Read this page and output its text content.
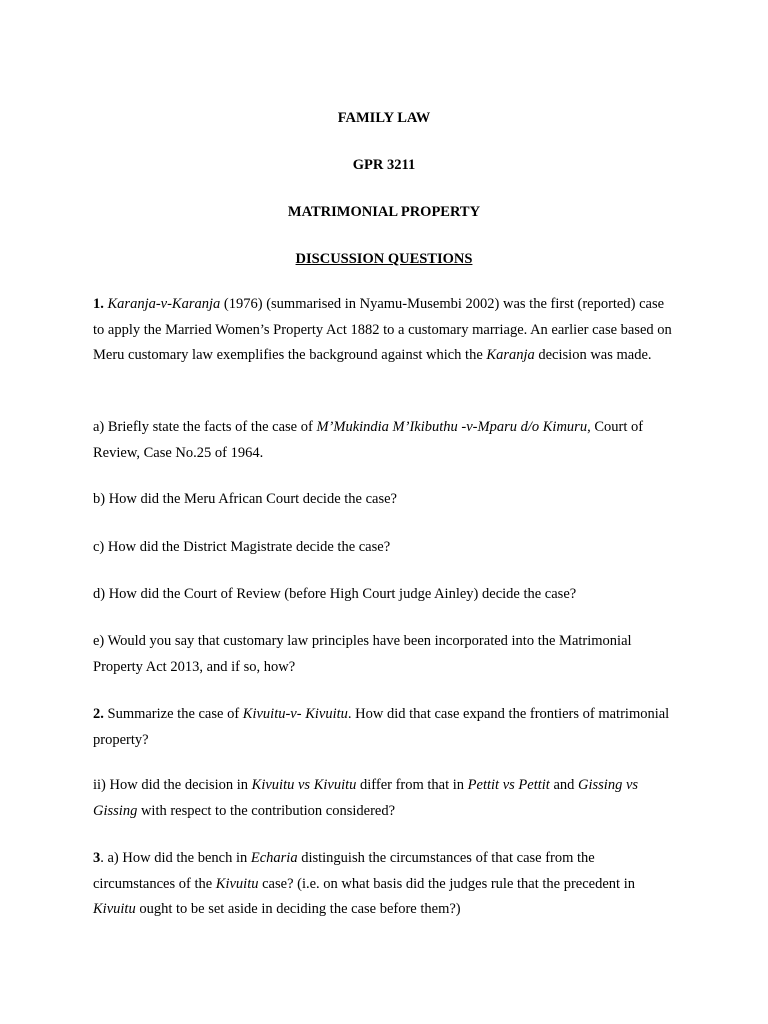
FAMILY LAW
GPR 3211
MATRIMONIAL PROPERTY
DISCUSSION QUESTIONS
1. Karanja-v-Karanja (1976) (summarised in Nyamu-Musembi 2002) was the first (reported) case to apply the Married Women’s Property Act 1882 to a customary marriage. An earlier case based on Meru customary law exemplifies the background against which the Karanja decision was made.
a) Briefly state the facts of the case of M’Mukindia M’Ikibuthu -v-Mparu d/o Kimuru, Court of Review, Case No.25 of 1964.
b) How did the Meru African Court decide the case?
c) How did the District Magistrate decide the case?
d) How did the Court of Review (before High Court judge Ainley) decide the case?
e) Would you say that customary law principles have been incorporated into the Matrimonial Property Act 2013, and if so, how?
2. Summarize the case of Kivuitu-v- Kivuitu. How did that case expand the frontiers of matrimonial property?
ii) How did the decision in Kivuitu vs Kivuitu differ from that in Pettit vs Pettit and Gissing vs Gissing with respect to the contribution considered?
3. a) How did the bench in Echaria distinguish the circumstances of that case from the circumstances of the Kivuitu case? (i.e. on what basis did the judges rule that the precedent in Kivuitu ought to be set aside in deciding the case before them?)
